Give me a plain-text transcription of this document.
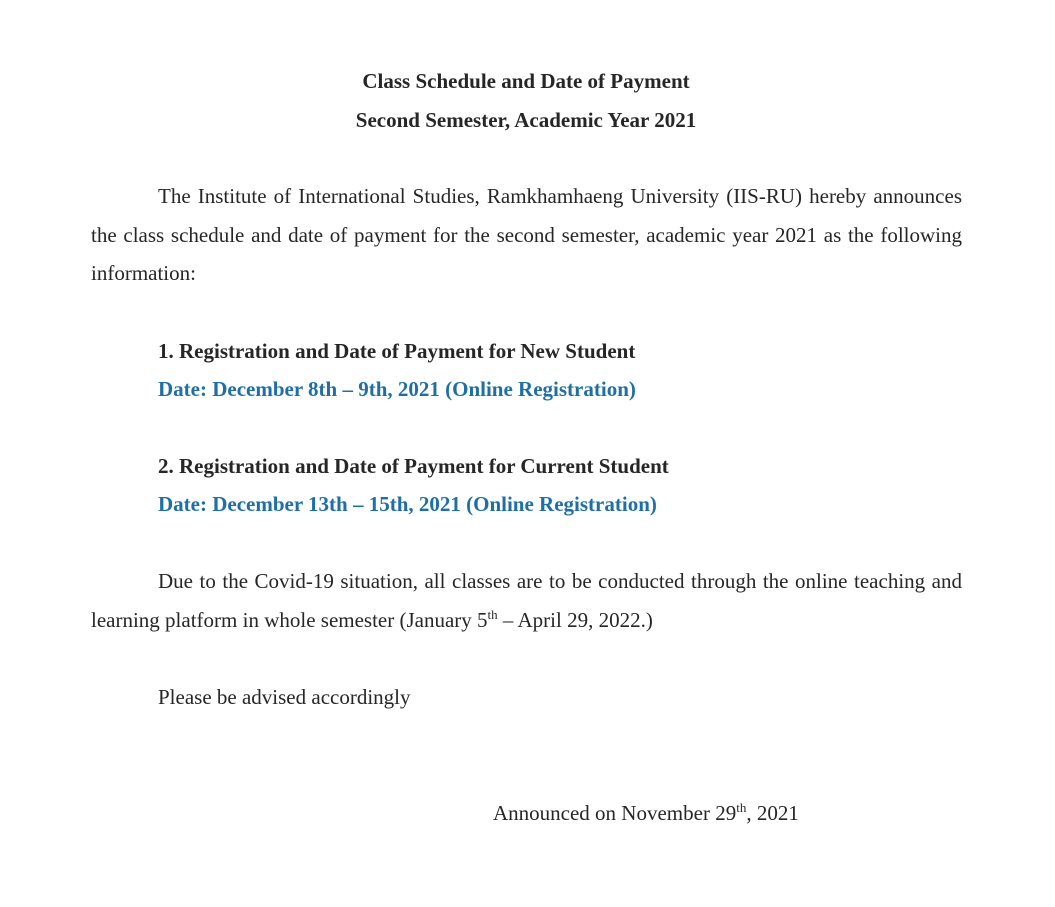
Class Schedule and Date of Payment
Second Semester, Academic Year 2021

The Institute of International Studies, Ramkhamhaeng University (IIS-RU) hereby announces the class schedule and date of payment for the second semester, academic year 2021 as the following information:

1. Registration and Date of Payment for New Student
Date: December 8th – 9th, 2021 (Online Registration)
2. Registration and Date of Payment for Current Student
Date: December 13th – 15th, 2021 (Online Registration)

Due to the Covid-19 situation, all classes are to be conducted through the online teaching and learning platform in whole semester (January 5th – April 29, 2022.)

Please be advised accordingly
Announced on November 29th, 2021
